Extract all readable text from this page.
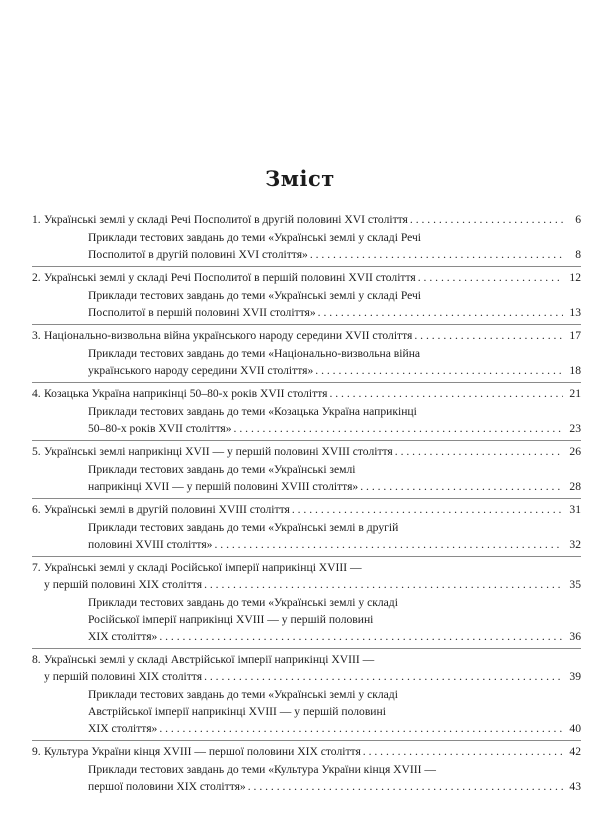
Зміст
1. Українські землі у складі Речі Посполитої в другій половині XVI століття . . .	6
Приклади тестових завдань до теми «Українські землі у складі Речі
Посполитої в другій половині XVI століття» . . .	8
2. Українські землі у складі Речі Посполитої в першій половині XVII століття . . .	12
Приклади тестових завдань до теми «Українські землі у складі Речі
Посполитої в першій половині XVII століття» . . .	13
3. Національно-визвольна війна українського народу середини XVII століття . . .	17
Приклади тестових завдань до теми «Національно-визвольна війна
українського народу середини XVII століття» . . .	18
4. Козацька Україна наприкінці 50–80-х років XVII століття . . .	21
Приклади тестових завдань до теми «Козацька Україна наприкінці
50–80-х років XVII століття» . . .	23
5. Українські землі наприкінці XVII — у першій половині XVIII століття . . .	26
Приклади тестових завдань до теми «Українські землі
наприкінці XVII — у першій половині XVIII століття» . . .	28
6. Українські землі в другій половині XVIII століття . . .	31
Приклади тестових завдань до теми «Українські землі в другій
половині XVIII століття» . . .	32
7. Українські землі у складі Російської імперії наприкінці XVIII —
у першій половині XIX століття . . .	35
Приклади тестових завдань до теми «Українські землі у складі
Російської імперії наприкінці XVIII — у першій половині
XIX століття» . . .	36
8. Українські землі у складі Австрійської імперії наприкінці XVIII —
у першій половині XIX століття . . .	39
Приклади тестових завдань до теми «Українські землі у складі
Австрійської імперії наприкінці XVIII — у першій половині
XIX століття» . . .	40
9. Культура України кінця XVIII — першої половини XIX століття . . .	42
Приклади тестових завдань до теми «Культура України кінця XVIII —
першої половини XIX століття» . . .	43
